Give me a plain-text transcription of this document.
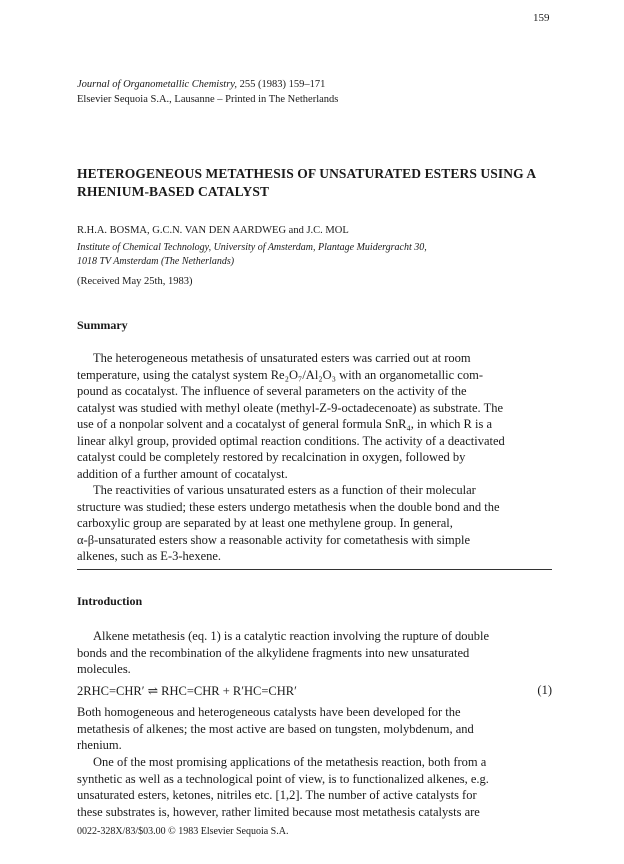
159
Journal of Organometallic Chemistry, 255 (1983) 159–171
Elsevier Sequoia S.A., Lausanne – Printed in The Netherlands
HETEROGENEOUS METATHESIS OF UNSATURATED ESTERS USING A RHENIUM-BASED CATALYST
R.H.A. BOSMA, G.C.N. VAN DEN AARDWEG and J.C. MOL
Institute of Chemical Technology, University of Amsterdam, Plantage Muidergracht 30,
1018 TV Amsterdam (The Netherlands)
(Received May 25th, 1983)
Summary
The heterogeneous metathesis of unsaturated esters was carried out at room
temperature, using the catalyst system Re₂O₇/Al₂O₃ with an organometallic com-
pound as cocatalyst. The influence of several parameters on the activity of the
catalyst was studied with methyl oleate (methyl-Z-9-octadecenoate) as substrate. The
use of a nonpolar solvent and a cocatalyst of general formula SnR₄, in which R is a
linear alkyl group, provided optimal reaction conditions. The activity of a deactivated
catalyst could be completely restored by recalcination in oxygen, followed by
addition of a further amount of cocatalyst.
The reactivities of various unsaturated esters as a function of their molecular
structure was studied; these esters undergo metathesis when the double bond and the
carboxylic group are separated by at least one methylene group. In general,
α-β-unsaturated esters show a reasonable activity for cometathesis with simple
alkenes, such as E-3-hexene.
Introduction
Alkene metathesis (eq. 1) is a catalytic reaction involving the rupture of double
bonds and the recombination of the alkylidene fragments into new unsaturated
molecules.
2RHC=CHR′ ⇌ RHC=CHR + R′HC=CHR′	(1)
Both homogeneous and heterogeneous catalysts have been developed for the
metathesis of alkenes; the most active are based on tungsten, molybdenum, and
rhenium.
One of the most promising applications of the metathesis reaction, both from a
synthetic as well as a technological point of view, is to functionalized alkenes, e.g.
unsaturated esters, ketones, nitriles etc. [1,2]. The number of active catalysts for
these substrates is, however, rather limited because most metathesis catalysts are
0022-328X/83/$03.00 © 1983 Elsevier Sequoia S.A.
